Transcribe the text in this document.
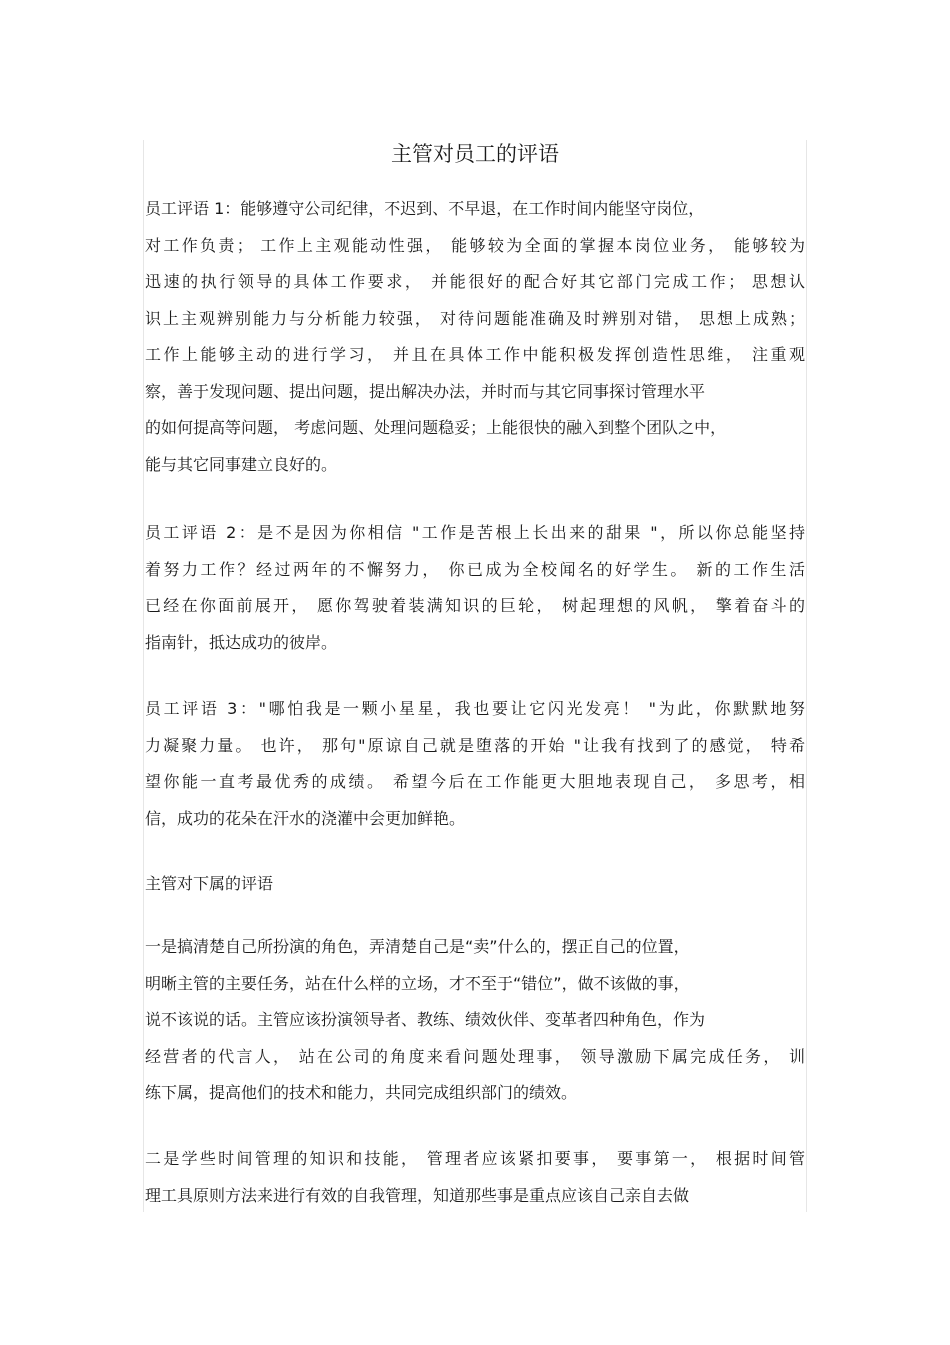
主管对员工的评语
员工评语 1：能够遵守公司纪律，不迟到、不早退，在工作时间内能坚守岗位，
对工作负责； 工作上主观能动性强， 能够较为全面的掌握本岗位业务， 能够较为
迅速的执行领导的具体工作要求， 并能很好的配合好其它部门完成工作； 思想认
识上主观辨别能力与分析能力较强， 对待问题能准确及时辨别对错， 思想上成熟；
工作上能够主动的进行学习， 并且在具体工作中能积极发挥创造性思维， 注重观
察，善于发现问题、提出问题，提出解决办法，并时而与其它同事探讨管理水平
的如何提高等问题， 考虑问题、处理问题稳妥；上能很快的融入到整个团队之中，
能与其它同事建立良好的。
员工评语 2：是不是因为你相信 "工作是苦根上长出来的甜果 "，所以你总能坚持
着努力工作？经过两年的不懈努力， 你已成为全校闻名的好学生。 新的工作生活
已经在你面前展开， 愿你驾驶着装满知识的巨轮， 树起理想的风帆， 擎着奋斗的
指南针，抵达成功的彼岸。
员工评语 3："哪怕我是一颗小星星，我也要让它闪光发亮！ "为此，你默默地努
力凝聚力量。 也许， 那句"原谅自己就是堕落的开始 "让我有找到了的感觉， 特希
望你能一直考最优秀的成绩。 希望今后在工作能更大胆地表现自己， 多思考，相
信，成功的花朵在汗水的浇灌中会更加鲜艳。
主管对下属的评语
一是搞清楚自己所扮演的角色，弄清楚自己是“卖”什么的，摆正自己的位置，
明晰主管的主要任务，站在什么样的立场，才不至于“错位”，做不该做的事，
说不该说的话。主管应该扮演领导者、教练、绩效伙伴、变革者四种角色，作为
经营者的代言人， 站在公司的角度来看问题处理事， 领导激励下属完成任务， 训
练下属，提高他们的技术和能力，共同完成组织部门的绩效。
二是学些时间管理的知识和技能， 管理者应该紧扣要事， 要事第一， 根据时间管
理工具原则方法来进行有效的自我管理，知道那些事是重点应该自己亲自去做
